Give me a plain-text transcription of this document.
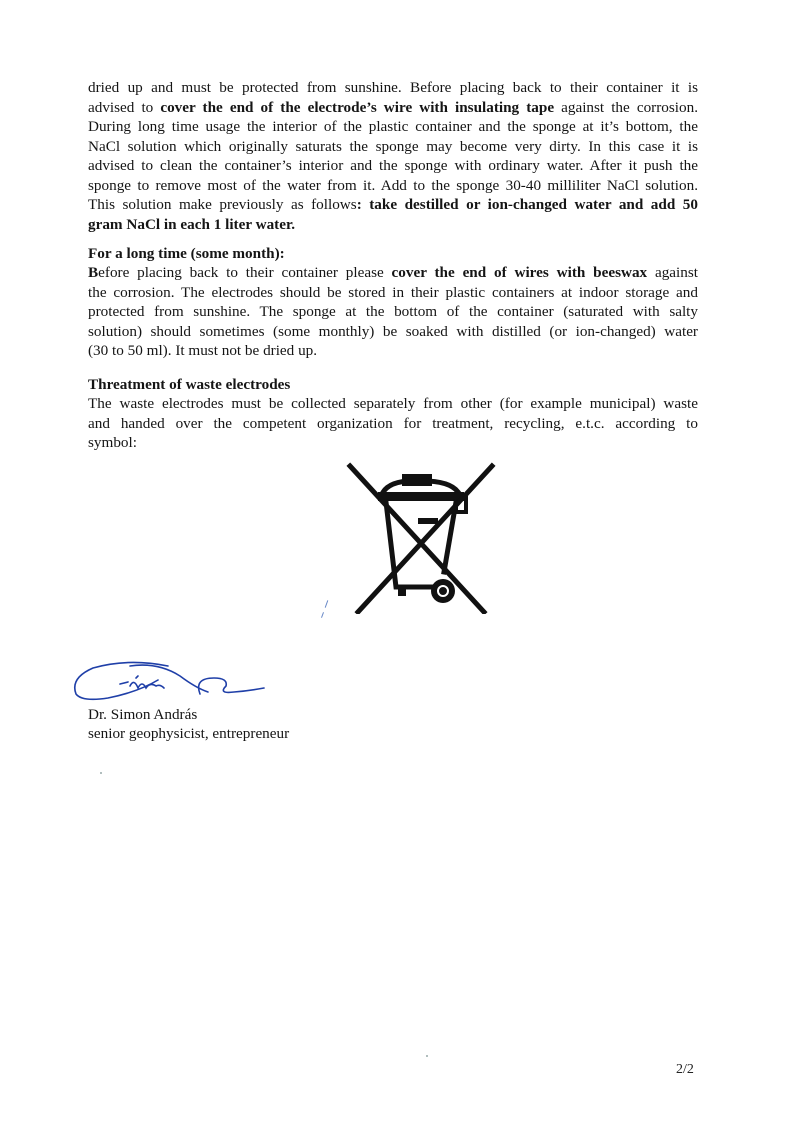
dried up and must be protected from sunshine. Before placing back to their container it is

advised to cover the end of the electrode’s wire with insulating tape against the corrosion.

During long time usage the interior of the plastic container and the sponge at it’s bottom, the

NaCl solution which originally saturats the sponge may become very dirty. In this case it is

advised to clean the container’s interior and the sponge with ordinary water. After it push the

sponge to remove most of the water from it. Add to the sponge 30-40 milliliter NaCl solution.

This solution make previously as follows: take destilled or ion-changed water and add 50

gram NaCl in each 1 liter water.

For a long time (some month):

Before placing back to their container please cover the end of wires with beeswax against

the corrosion. The electrodes should be stored in their plastic containers at indoor storage and

protected from sunshine. The sponge at the bottom of the container (saturated with salty

solution) should sometimes (some monthly) be soaked with distilled (or ion-changed) water

(30 to 50 ml). It must not be dried up.

Threatment of waste electrodes

The waste electrodes must be collected separately from other (for example municipal) waste

and handed over the competent organization for treatment, recycling, e.t.c. according to

symbol:

Dr. Simon András
senior geophysicist, entrepreneur
2/2
